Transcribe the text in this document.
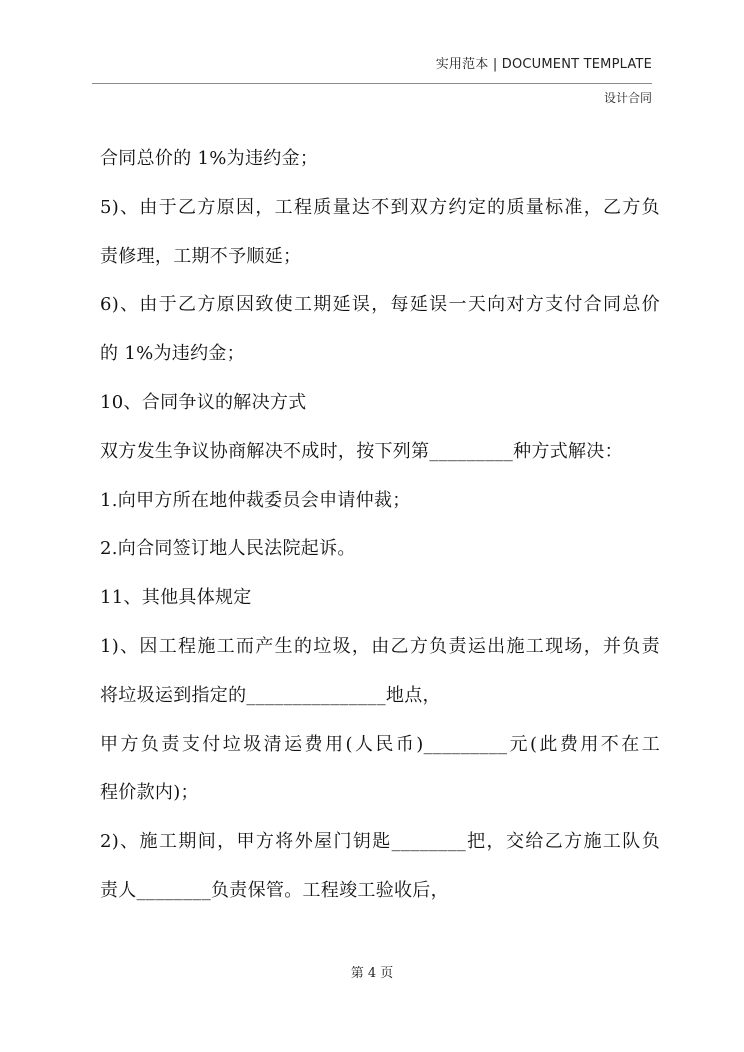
实用范本 | DOCUMENT TEMPLATE
设计合同
合同总价的 1%为违约金；
5)、由于乙方原因，工程质量达不到双方约定的质量标准，乙方负
责修理，工期不予顺延；
6)、由于乙方原因致使工期延误，每延误一天向对方支付合同总价
的 1%为违约金；
10、合同争议的解决方式
双方发生争议协商解决不成时，按下列第_________种方式解决：
1.向甲方所在地仲裁委员会申请仲裁；
2.向合同签订地人民法院起诉。
11、其他具体规定
1)、因工程施工而产生的垃圾，由乙方负责运出施工现场，并负责
将垃圾运到指定的_______________地点，
甲方负责支付垃圾清运费用(人民币)_________元(此费用不在工
程价款内)；
2)、施工期间，甲方将外屋门钥匙________把，交给乙方施工队负
责人________负责保管。工程竣工验收后，
第 4 页
